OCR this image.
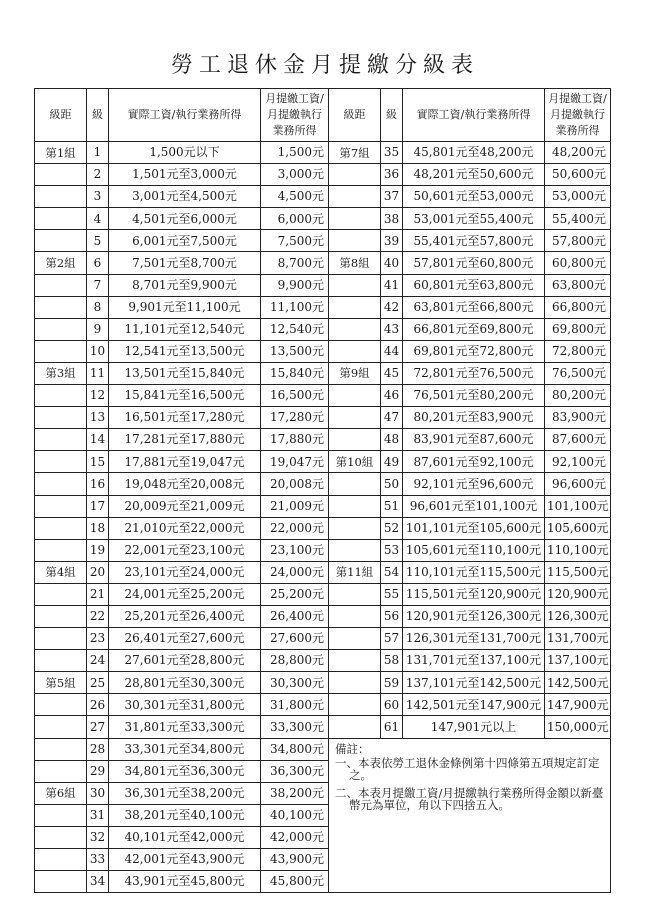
勞工退休金月提繳分級表
級距	級	實際工資/執行業務所得	月提繳工資/月提繳執行業務所得	級距	級	實際工資/執行業務所得	月提繳工資/月提繳執行業務所得
第1組	1	1,500元以下	1,500元	第7組	35	45,801元至48,200元	48,200元
	2	1,501元至3,000元	3,000元		36	48,201元至50,600元	50,600元
	3	3,001元至4,500元	4,500元		37	50,601元至53,000元	53,000元
	4	4,501元至6,000元	6,000元		38	53,001元至55,400元	55,400元
	5	6,001元至7,500元	7,500元		39	55,401元至57,800元	57,800元
第2組	6	7,501元至8,700元	8,700元	第8組	40	57,801元至60,800元	60,800元
	7	8,701元至9,900元	9,900元		41	60,801元至63,800元	63,800元
	8	9,901元至11,100元	11,100元		42	63,801元至66,800元	66,800元
	9	11,101元至12,540元	12,540元		43	66,801元至69,800元	69,800元
	10	12,541元至13,500元	13,500元		44	69,801元至72,800元	72,800元
第3組	11	13,501元至15,840元	15,840元	第9組	45	72,801元至76,500元	76,500元
	12	15,841元至16,500元	16,500元		46	76,501元至80,200元	80,200元
	13	16,501元至17,280元	17,280元		47	80,201元至83,900元	83,900元
	14	17,281元至17,880元	17,880元		48	83,901元至87,600元	87,600元
	15	17,881元至19,047元	19,047元	第10組	49	87,601元至92,100元	92,100元
	16	19,048元至20,008元	20,008元		50	92,101元至96,600元	96,600元
	17	20,009元至21,009元	21,009元		51	96,601元至101,100元	101,100元
	18	21,010元至22,000元	22,000元		52	101,101元至105,600元	105,600元
	19	22,001元至23,100元	23,100元		53	105,601元至110,100元	110,100元
第4組	20	23,101元至24,000元	24,000元	第11組	54	110,101元至115,500元	115,500元
	21	24,001元至25,200元	25,200元		55	115,501元至120,900元	120,900元
	22	25,201元至26,400元	26,400元		56	120,901元至126,300元	126,300元
	23	26,401元至27,600元	27,600元		57	126,301元至131,700元	131,700元
	24	27,601元至28,800元	28,800元		58	131,701元至137,100元	137,100元
第5組	25	28,801元至30,300元	30,300元		59	137,101元至142,500元	142,500元
	26	30,301元至31,800元	31,800元		60	142,501元至147,900元	147,900元
	27	31,801元至33,300元	33,300元		61	147,901元以上	150,000元
	28	33,301元至34,800元	34,800元	備註：
一、本表依勞工退休金條例第十四條第五項規定訂定之。
二、本表月提繳工資/月提繳執行業務所得金額以新臺幣元為單位，角以下四捨五入。			

	29	34,801元至36,300元	36,300元				
第6組	30	36,301元至38,200元	38,200元				
	31	38,201元至40,100元	40,100元				
	32	40,101元至42,000元	42,000元				
	33	42,001元至43,900元	43,900元				
	34	43,901元至45,800元	45,800元				
